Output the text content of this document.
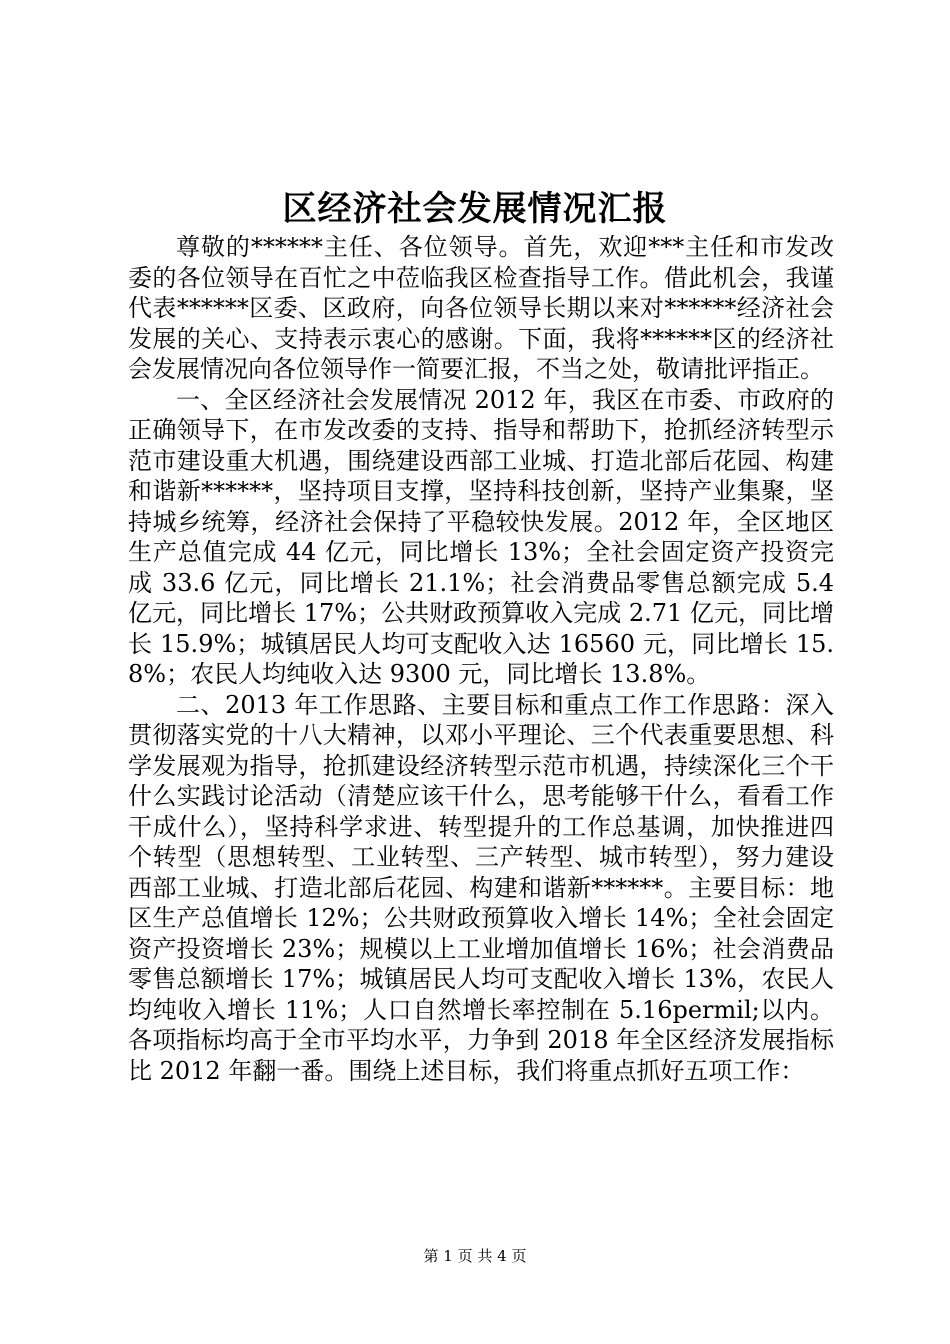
区经济社会发展情况汇报

尊敬的******主任、各位领导。首先，欢迎***主任和市发改委的各位领导在百忙之中莅临我区检查指导工作。借此机会，我谨代表******区委、区政府，向各位领导长期以来对******经济社会发展的关心、支持表示衷心的感谢。下面，我将******区的经济社会发展情况向各位领导作一简要汇报，不当之处，敬请批评指正。

一、全区经济社会发展情况 2012 年，我区在市委、市政府的正确领导下，在市发改委的支持、指导和帮助下，抢抓经济转型示范市建设重大机遇，围绕建设西部工业城、打造北部后花园、构建和谐新******，坚持项目支撑，坚持科技创新，坚持产业集聚，坚持城乡统筹，经济社会保持了平稳较快发展。2012 年，全区地区生产总值完成 44 亿元，同比增长 13%；全社会固定资产投资完成 33.6 亿元，同比增长 21.1%；社会消费品零售总额完成 5.4 亿元，同比增长 17%；公共财政预算收入完成 2.71 亿元，同比增长 15.9%；城镇居民人均可支配收入达 16560 元，同比增长 15.8%；农民人均纯收入达 9300 元，同比增长 13.8%。

二、2013 年工作思路、主要目标和重点工作工作思路：深入贯彻落实党的十八大精神，以邓小平理论、三个代表重要思想、科学发展观为指导，抢抓建设经济转型示范市机遇，持续深化三个干什么实践讨论活动（清楚应该干什么，思考能够干什么，看看工作干成什么），坚持科学求进、转型提升的工作总基调，加快推进四个转型（思想转型、工业转型、三产转型、城市转型），努力建设西部工业城、打造北部后花园、构建和谐新******。主要目标：地区生产总值增长 12%；公共财政预算收入增长 14%；全社会固定资产投资增长 23%；规模以上工业增加值增长 16%；社会消费品零售总额增长 17%；城镇居民人均可支配收入增长 13%，农民人均纯收入增长 11%；人口自然增长率控制在 5.16permil;以内。各项指标均高于全市平均水平，力争到 2018 年全区经济发展指标比 2012 年翻一番。围绕上述目标，我们将重点抓好五项工作：

第 1 页 共 4 页
